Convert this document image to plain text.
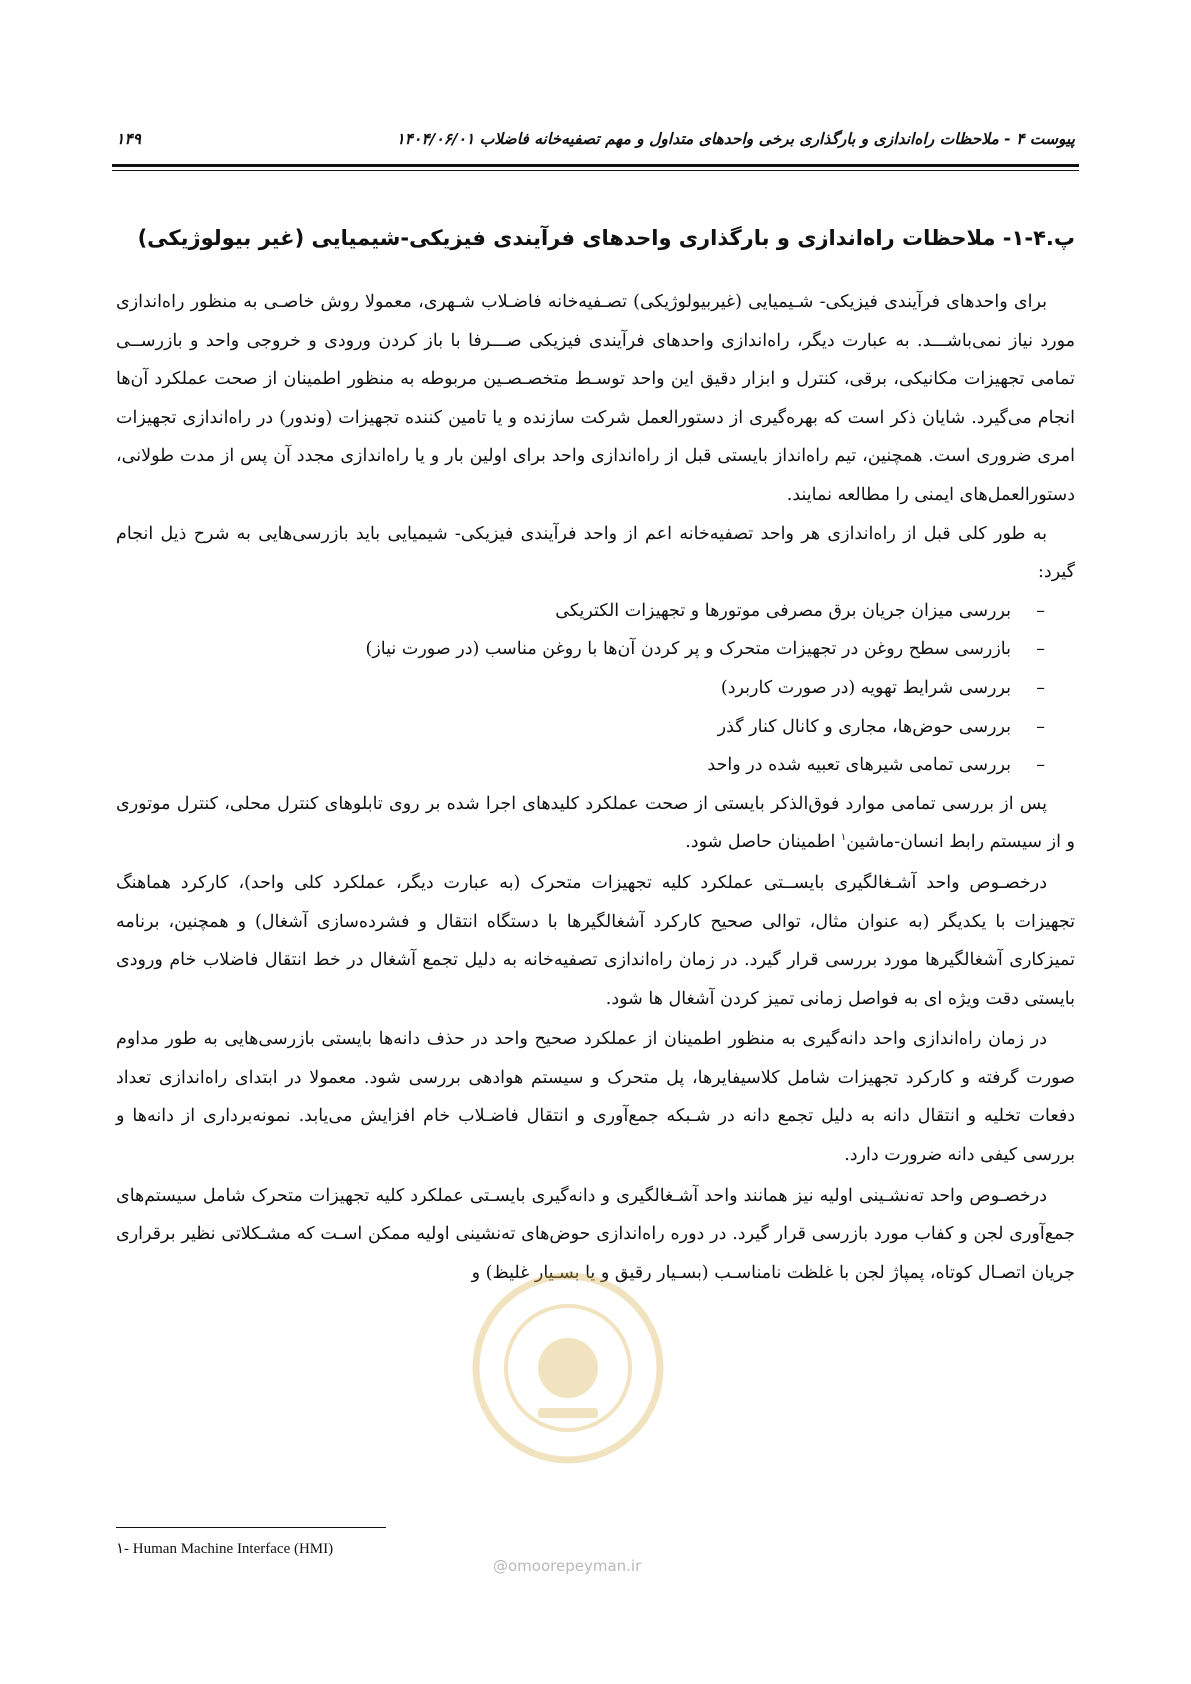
پیوست ۴ - ملاحظات راه‌اندازی و بارگذاری برخی واحدهای متداول و مهم تصفیه‌خانه فاضلاب ۱۴۰۴/۰۶/۰۱
۱۴۹
پ.۴-۱- ملاحظات راه‌اندازی و بارگذاری واحدهای فرآیندی فیزیکی-شیمیایی (غیر بیولوژیکی)

برای واحدهای فرآیندی فیزیکی- شـیمیایی (غیربیولوژیکی) تصـفیه‌خانه فاضـلاب شـهری، معمولا روش خاصـی به منظور راه‌اندازی مورد نیاز نمی‌باشـــد. به عبارت دیگر، راه‌اندازی واحدهای فرآیندی فیزیکی صـــرفا با باز کردن ورودی و خروجی واحد و بازرســی تمامی تجهیزات مکانیکی، برقی، کنترل و ابزار دقیق این واحد توسـط متخصـصـین مربوطه به منظور اطمینان از صحت عملکرد آن‌ها انجام می‌گیرد. شایان ذکر است که بهره‌گیری از دستورالعمل شرکت سازنده و یا تامین کننده تجهیزات (وندور) در راه‌اندازی تجهیزات امری ضروری است. همچنین، تیم راه‌انداز بایستی قبل از راه‌اندازی واحد برای اولین بار و یا راه‌اندازی مجدد آن پس از مدت طولانی، دستورالعمل‌های ایمنی را مطالعه نمایند.

به طور کلی قبل از راه‌اندازی هر واحد تصفیه‌خانه اعم از واحد فرآیندی فیزیکی- شیمیایی باید بازرسی‌هایی به شرح ذیل انجام گیرد:

–
بررسی میزان جریان برق مصرفی موتورها و تجهیزات الکتریکی
–
بازرسی سطح روغن در تجهیزات متحرک و پر کردن آن‌ها با روغن مناسب (در صورت نیاز)
–
بررسی شرایط تهویه (در صورت کاربرد)
–
بررسی حوض‌ها، مجاری و کانال کنار گذر
–
بررسی تمامی شیرهای تعبیه شده در واحد

پس از بررسی تمامی موارد فوق‌الذکر بایستی از صحت عملکرد کلیدهای اجرا شده بر روی تابلوهای کنترل محلی، کنترل موتوری و از سیستم رابط انسان-ماشین$^۱$ اطمینان حاصل شود.

درخصـوص واحد آشـغالگیری بایســتی عملکرد کلیه تجهیزات متحرک (به عبارت دیگر، عملکرد کلی واحد)، کارکرد هماهنگ تجهیزات با یکدیگر (به عنوان مثال، توالی صحیح کارکرد آشغالگیرها با دستگاه انتقال و فشرده‌سازی آشغال) و همچنین، برنامه تمیزکاری آشغالگیرها مورد بررسی قرار گیرد. در زمان راه‌اندازی تصفیه‌خانه به دلیل تجمع آشغال در خط انتقال فاضلاب خام ورودی بایستی دقت ویژه ای به فواصل زمانی تمیز کردن آشغال ها شود.

در زمان راه‌اندازی واحد دانه‌گیری به منظور اطمینان از عملکرد صحیح واحد در حذف دانه‌ها بایستی بازرسی‌هایی به طور مداوم صورت گرفته و کارکرد تجهیزات شامل کلاسیفایرها، پل متحرک و سیستم هوادهی بررسی شود. معمولا در ابتدای راه‌اندازی تعداد دفعات تخلیه و انتقال دانه به دلیل تجمع دانه در شـبکه جمع‌آوری و انتقال فاضـلاب خام افزایش می‌یابد. نمونه‌برداری از دانه‌ها و بررسی کیفی دانه ضرورت دارد.

درخصـوص واحد ته‌نشـینی اولیه نیز همانند واحد آشـغالگیری و دانه‌گیری بایسـتی عملکرد کلیه تجهیزات متحرک شامل سیستم‌های جمع‌آوری لجن و کفاب مورد بازرسی قرار گیرد. در دوره راه‌اندازی حوض‌های ته‌نشینی اولیه ممکن اسـت که مشـکلاتی نظیر برقراری جریان اتصـال کوتاه، پمپاژ لجن با غلظت نامناسـب (بسـیار رقیق و یا بسـیار غلیظ) و

۱- Human Machine Interface (HMI)
@omoorepeyman.ir
